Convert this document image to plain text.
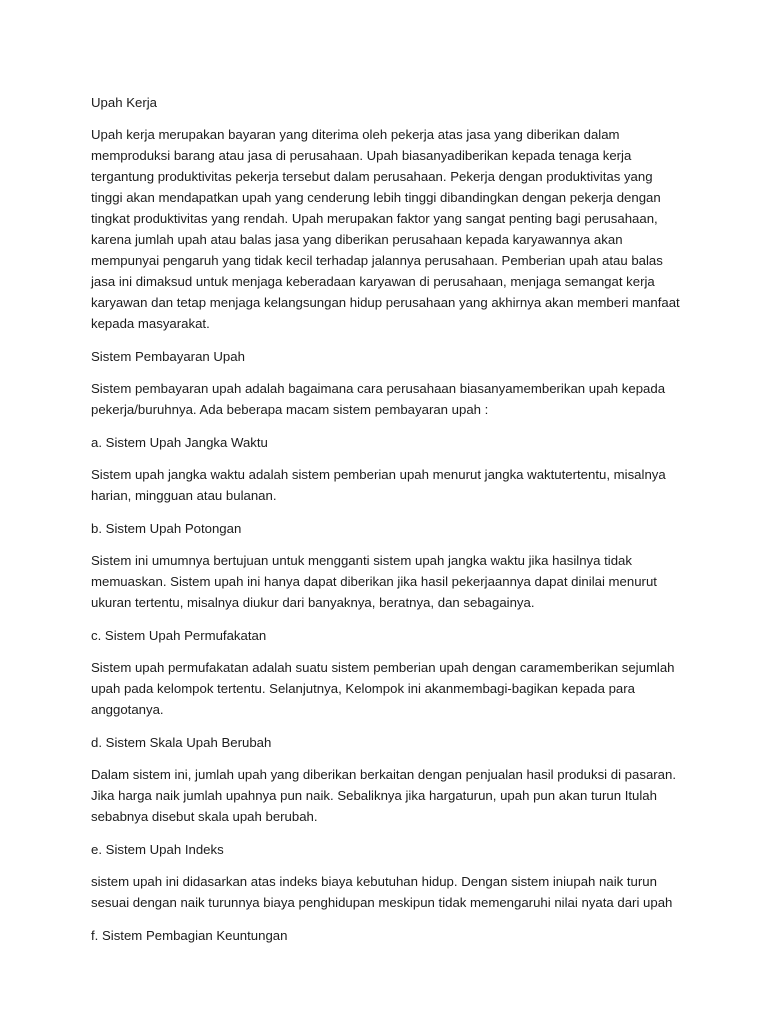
Upah Kerja

Upah kerja merupakan bayaran yang diterima oleh pekerja atas jasa yang diberikan dalam memproduksi barang atau jasa di perusahaan. Upah biasanyadiberikan kepada tenaga kerja tergantung produktivitas pekerja tersebut dalam perusahaan. Pekerja dengan produktivitas yang tinggi akan mendapatkan upah yang cenderung lebih tinggi dibandingkan dengan pekerja dengan tingkat produktivitas yang rendah. Upah merupakan faktor yang sangat penting bagi perusahaan, karena jumlah upah atau balas jasa yang diberikan perusahaan kepada karyawannya akan mempunyai pengaruh yang tidak kecil terhadap jalannya perusahaan. Pemberian upah atau balas jasa ini dimaksud untuk menjaga keberadaan karyawan di perusahaan, menjaga semangat kerja karyawan dan tetap menjaga kelangsungan hidup perusahaan yang akhirnya akan memberi manfaat kepada masyarakat.

Sistem Pembayaran Upah

Sistem pembayaran upah adalah bagaimana cara perusahaan biasanyamemberikan upah kepada pekerja/buruhnya. Ada beberapa macam sistem pembayaran upah :

a. Sistem Upah Jangka Waktu

Sistem upah jangka waktu adalah sistem pemberian upah menurut jangka waktutertentu, misalnya harian, mingguan atau bulanan.

b. Sistem Upah Potongan

Sistem ini umumnya bertujuan untuk mengganti sistem upah jangka waktu jika hasilnya tidak memuaskan. Sistem upah ini hanya dapat diberikan jika hasil pekerjaannya dapat dinilai menurut ukuran tertentu, misalnya diukur dari banyaknya, beratnya, dan sebagainya.

c. Sistem Upah Permufakatan

Sistem upah permufakatan adalah suatu sistem pemberian upah dengan caramemberikan sejumlah upah pada kelompok tertentu. Selanjutnya, Kelompok ini akanmembagi-bagikan kepada para anggotanya.

d. Sistem Skala Upah Berubah

Dalam sistem ini, jumlah upah yang diberikan berkaitan dengan penjualan hasil produksi di pasaran. Jika harga naik jumlah upahnya pun naik. Sebaliknya jika hargaturun, upah pun akan turun Itulah sebabnya disebut skala upah berubah.

e. Sistem Upah Indeks

sistem upah ini didasarkan atas indeks biaya kebutuhan hidup. Dengan sistem iniupah naik turun sesuai dengan naik turunnya biaya penghidupan meskipun tidak memengaruhi nilai nyata dari upah

f. Sistem Pembagian Keuntungan
